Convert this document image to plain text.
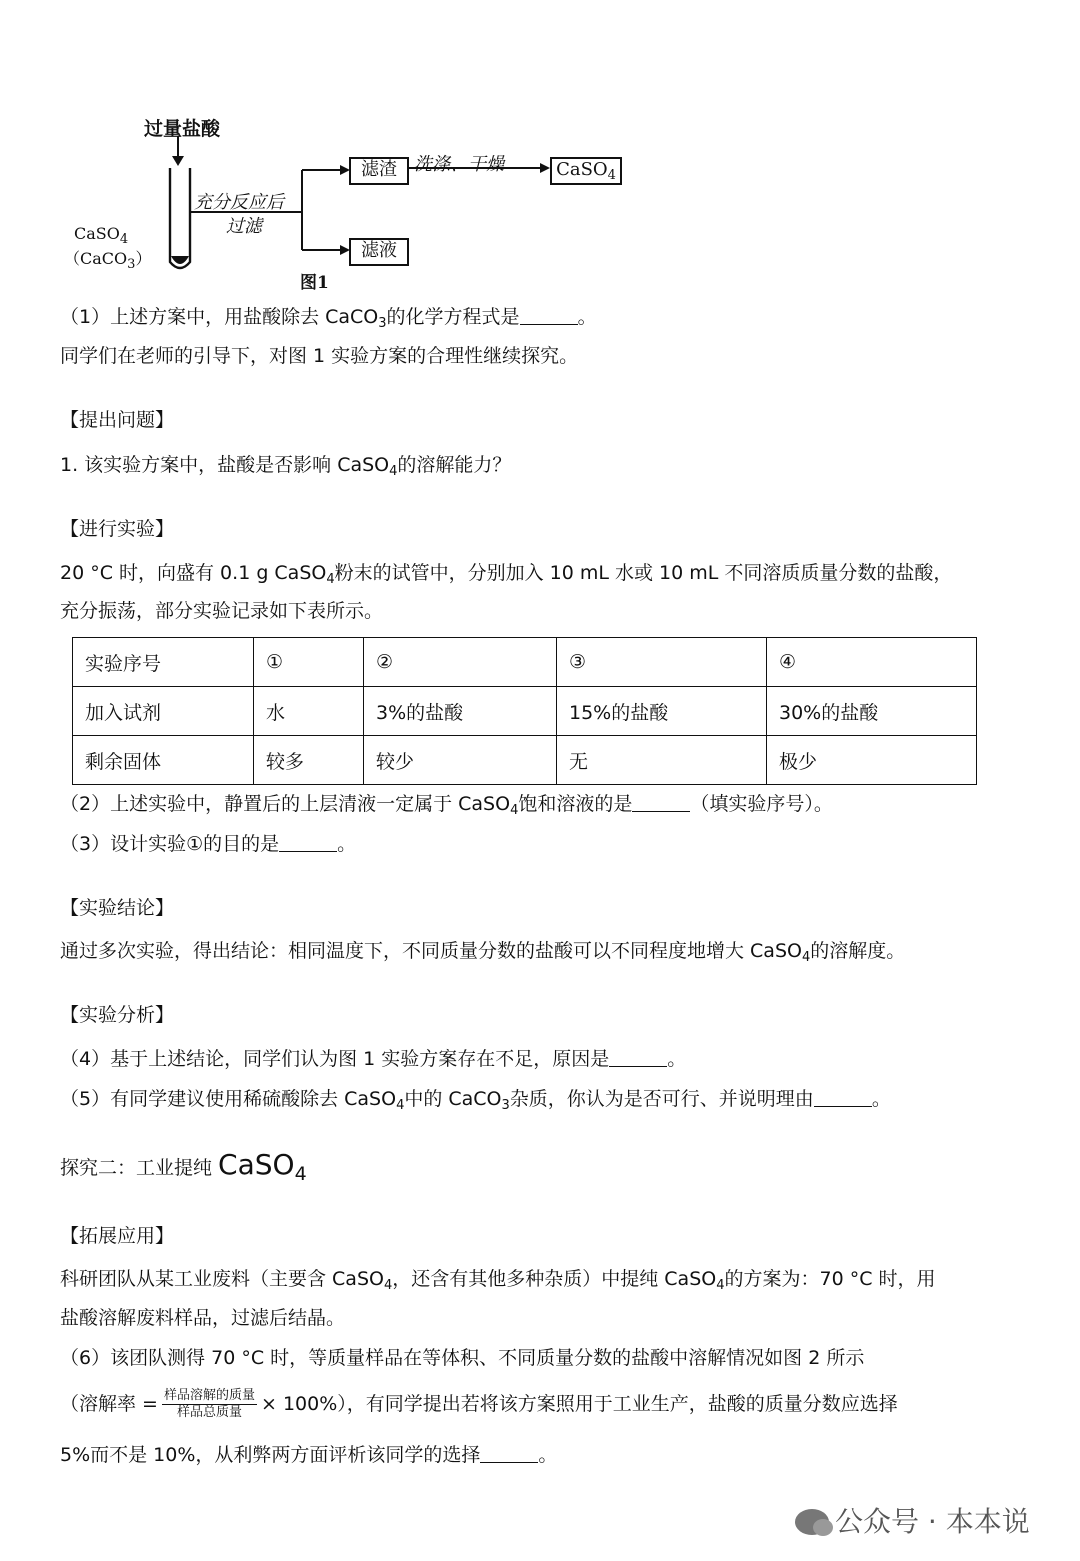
过量盐酸
充分反应后
过滤
CaSO$_4$
（CaCO$_3$）
滤渣 洗涤、干燥	CaSO$_4$
滤液
图1
（1）上述方案中，用盐酸除去 CaCO$_3$的化学方程式是	。
同学们在老师的引导下，对图 1 实验方案的合理性继续探究。
【提出问题】
1. 该实验方案中，盐酸是否影响 CaSO$_4$的溶解能力？
【进行实验】
20 °C 时，向盛有 0.1 g CaSO$_4$粉末的试管中，分别加入 10 mL 水或 10 mL 不同溶质质量分数的盐酸，
充分振荡，部分实验记录如下表所示。
实验序号	①	②	③	④
加入试剂	水	3%的盐酸	15%的盐酸	30%的盐酸
剩余固体	较多	较少	无	极少
（2）上述实验中，静置后的上层清液一定属于 CaSO$_4$饱和溶液的是	（填实验序号）。
（3）设计实验①的目的是	。
【实验结论】
通过多次实验，得出结论：相同温度下，不同质量分数的盐酸可以不同程度地增大 CaSO$_4$的溶解度。
【实验分析】
（4）基于上述结论，同学们认为图 1 实验方案存在不足，原因是	。
（5）有同学建议使用稀硫酸除去 CaSO$_4$中的 CaCO$_3$杂质，你认为是否可行、并说明理由	。
探究二：工业提纯 CaSO$_4$
【拓展应用】
科研团队从某工业废料（主要含 CaSO$_4$，还含有其他多种杂质）中提纯 CaSO$_4$的方案为：70 °C 时，用
盐酸溶解废料样品，过滤后结晶。
（6）该团队测得 70 °C 时，等质量样品在等体积、不同质量分数的盐酸中溶解情况如图 2 所示
（溶解率 = $\frac{\text{样品溶解的质量}}{\text{样品总质量}} \times 100\%$），有同学提出若将该方案照用于工业生产，盐酸的质量分数应选择
5%而不是 10%，从利弊两方面评析该同学的选择	。
公众号 · 本本说
